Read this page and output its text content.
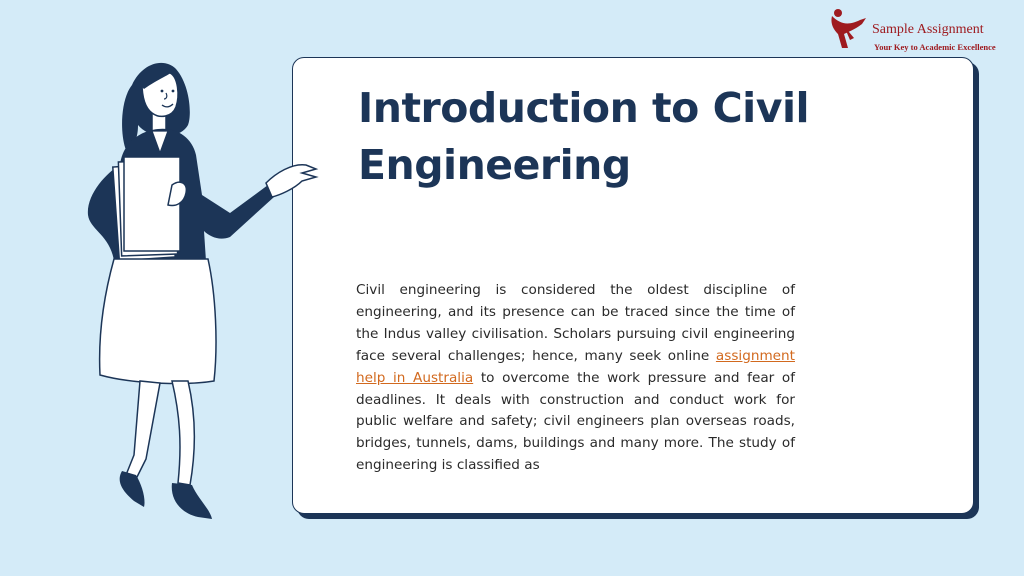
Sample Assignment
Your Key to Academic Excellence
Introduction to Civil Engineering

Civil engineering is considered the oldest discipline of engineering, and its presence can be traced since the time of the Indus valley civilisation. Scholars pursuing civil engineering face several challenges; hence, many seek online assignment help in Australia to overcome the work pressure and fear of deadlines. It deals with construction and conduct work for public welfare and safety; civil engineers plan overseas roads, bridges, tunnels, dams, buildings and many more. The study of engineering is classified as
